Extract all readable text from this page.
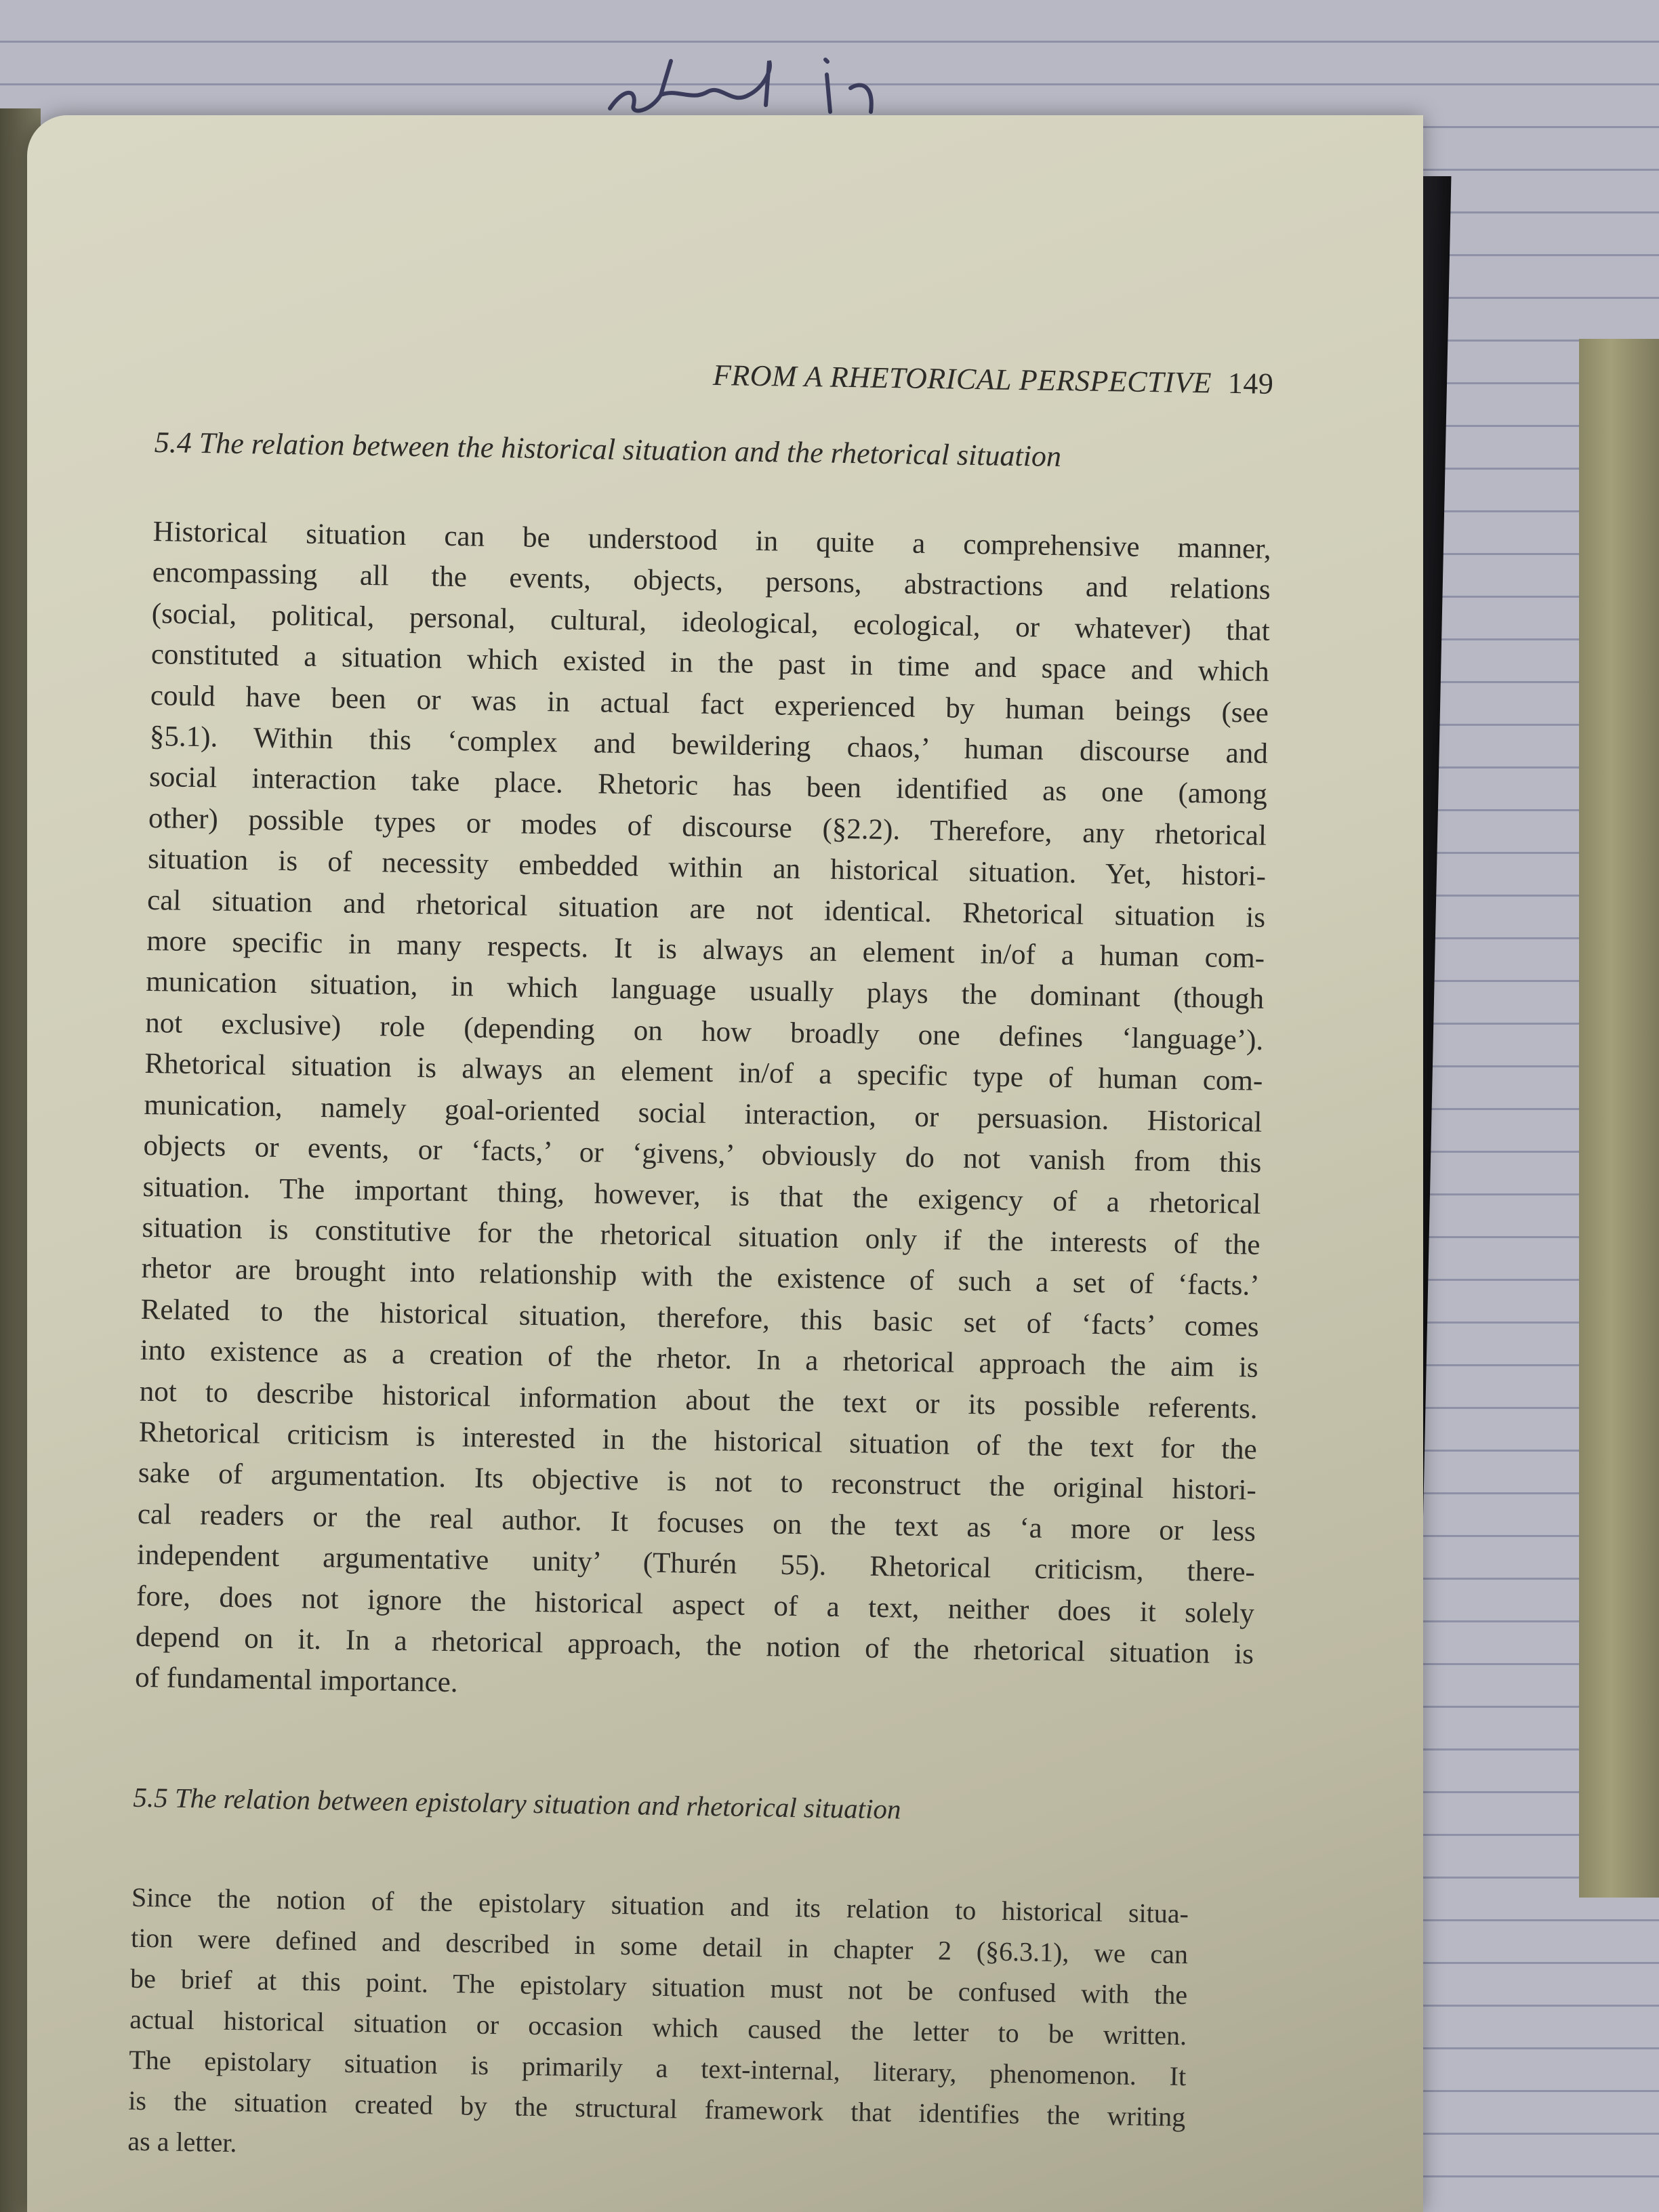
FROM A RHETORICAL PERSPECTIVE 149
5.4 The relation between the historical situation and the rhetorical situation
Historical situation can be understood in quite a comprehensive manner,
encompassing all the events, objects, persons, abstractions and relations
(social, political, personal, cultural, ideological, ecological, or whatever) that
constituted a situation which existed in the past in time and space and which
could have been or was in actual fact experienced by human beings (see
§5.1). Within this ‘complex and bewildering chaos,’ human discourse and
social interaction take place. Rhetoric has been identified as one (among
other) possible types or modes of discourse (§2.2). Therefore, any rhetorical
situation is of necessity embedded within an historical situation. Yet, histori-
cal situation and rhetorical situation are not identical. Rhetorical situation is
more specific in many respects. It is always an element in/of a human com-
munication situation, in which language usually plays the dominant (though
not exclusive) role (depending on how broadly one defines ‘language’).
Rhetorical situation is always an element in/of a specific type of human com-
munication, namely goal-oriented social interaction, or persuasion. Historical
objects or events, or ‘facts,’ or ‘givens,’ obviously do not vanish from this
situation. The important thing, however, is that the exigency of a rhetorical
situation is constitutive for the rhetorical situation only if the interests of the
rhetor are brought into relationship with the existence of such a set of ‘facts.’
Related to the historical situation, therefore, this basic set of ‘facts’ comes
into existence as a creation of the rhetor. In a rhetorical approach the aim is
not to describe historical information about the text or its possible referents.
Rhetorical criticism is interested in the historical situation of the text for the
sake of argumentation. Its objective is not to reconstruct the original histori-
cal readers or the real author. It focuses on the text as ‘a more or less
independent argumentative unity’ (Thurén 55). Rhetorical criticism, there-
fore, does not ignore the historical aspect of a text, neither does it solely
depend on it. In a rhetorical approach, the notion of the rhetorical situation is
of fundamental importance.
5.5 The relation between epistolary situation and rhetorical situation
Since the notion of the epistolary situation and its relation to historical situa-
tion were defined and described in some detail in chapter 2 (§6.3.1), we can
be brief at this point. The epistolary situation must not be confused with the
actual historical situation or occasion which caused the letter to be written.
The epistolary situation is primarily a text-internal, literary, phenomenon. It
is the situation created by the structural framework that identifies the writing
as a letter.
